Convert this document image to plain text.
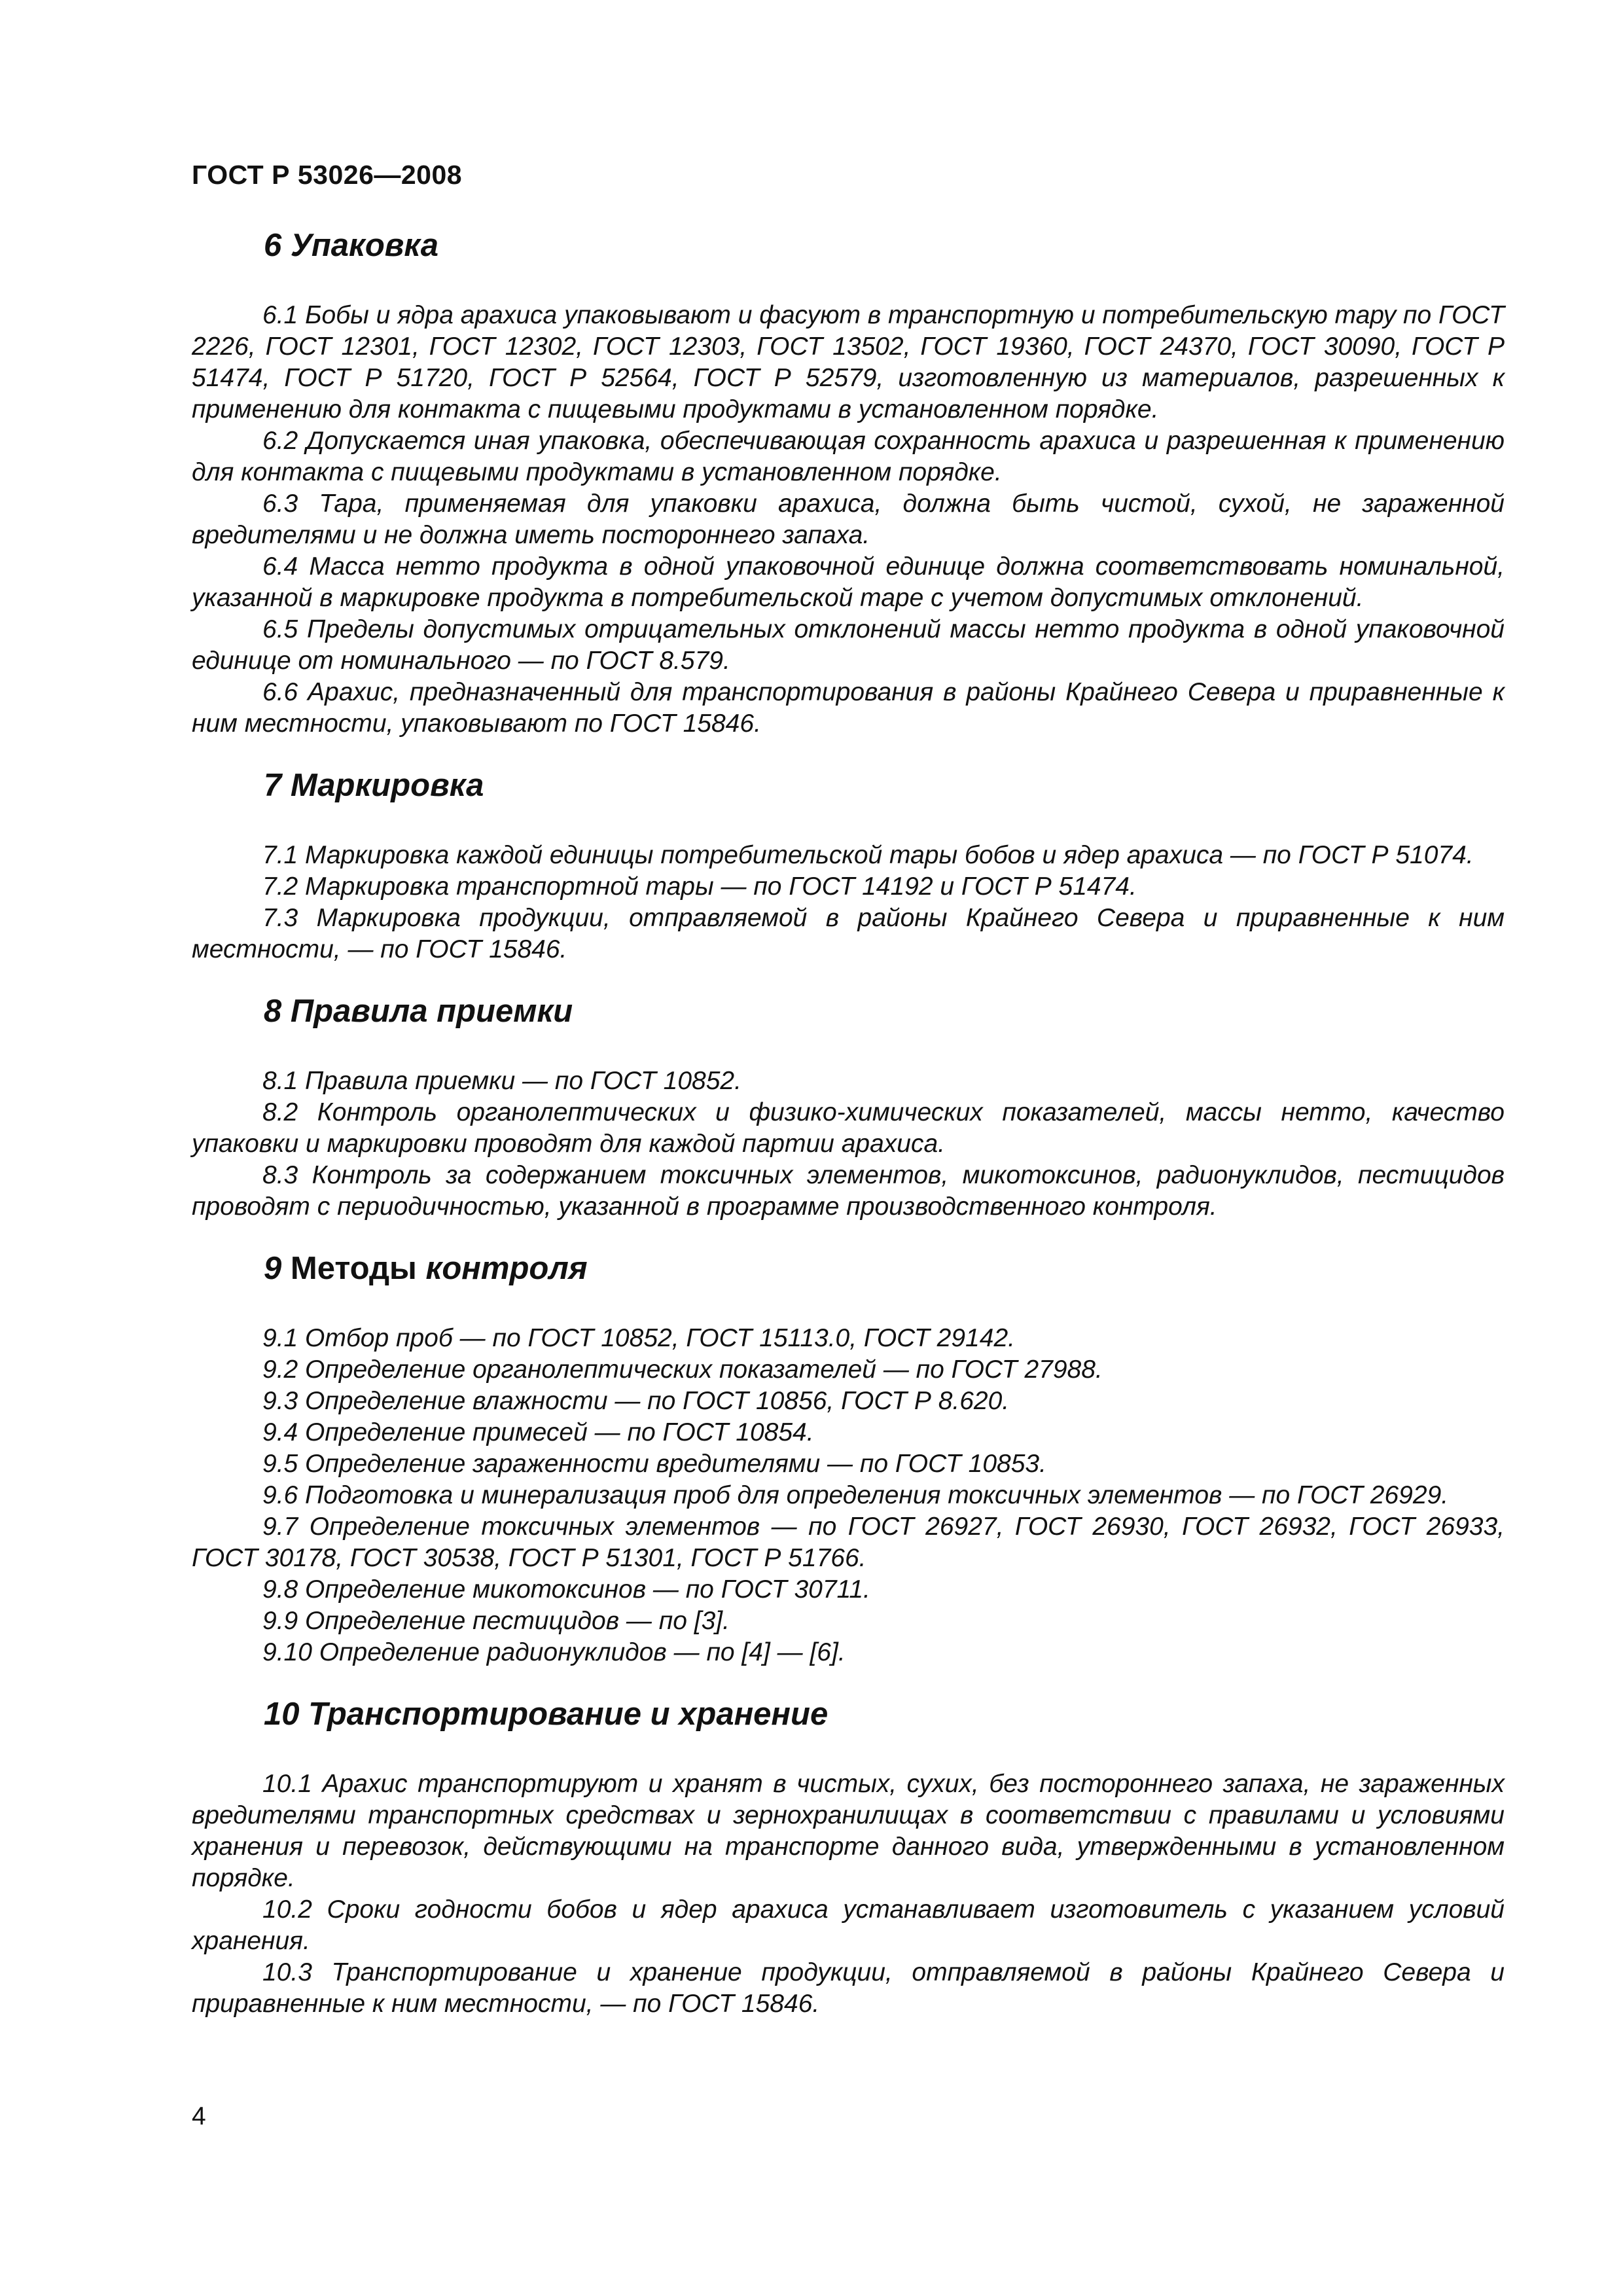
ГОСТ Р 53026—2008
6 Упаковка

6.1 Бобы и ядра арахиса упаковывают и фасуют в транспортную и потребительскую тару по ГОСТ 2226, ГОСТ 12301, ГОСТ 12302, ГОСТ 12303, ГОСТ 13502, ГОСТ 19360, ГОСТ 24370, ГОСТ 30090, ГОСТ Р 51474, ГОСТ Р 51720, ГОСТ Р 52564, ГОСТ Р 52579, изготовленную из материалов, разрешенных к применению для контакта с пищевыми продуктами в установленном порядке.

6.2 Допускается иная упаковка, обеспечивающая сохранность арахиса и разрешенная к применению для контакта с пищевыми продуктами в установленном порядке.

6.3 Тара, применяемая для упаковки арахиса, должна быть чистой, сухой, не зараженной вредителями и не должна иметь постороннего запаха.

6.4 Масса нетто продукта в одной упаковочной единице должна соответствовать номинальной, указанной в маркировке продукта в потребительской таре с учетом допустимых отклонений.

6.5 Пределы допустимых отрицательных отклонений массы нетто продукта в одной упаковочной единице от номинального — по ГОСТ 8.579.

6.6 Арахис, предназначенный для транспортирования в районы Крайнего Севера и приравненные к ним местности, упаковывают по ГОСТ 15846.

7 Маркировка

7.1 Маркировка каждой единицы потребительской тары бобов и ядер арахиса — по ГОСТ Р 51074.

7.2 Маркировка транспортной тары — по ГОСТ 14192 и ГОСТ Р 51474.

7.3 Маркировка продукции, отправляемой в районы Крайнего Севера и приравненные к ним местности, — по ГОСТ 15846.

8 Правила приемки

8.1 Правила приемки — по ГОСТ 10852.

8.2 Контроль органолептических и физико-химических показателей, массы нетто, качество упаковки и маркировки проводят для каждой партии арахиса.

8.3 Контроль за содержанием токсичных элементов, микотоксинов, радионуклидов, пестицидов проводят с периодичностью, указанной в программе производственного контроля.

9 Методы контроля

9.1 Отбор проб — по ГОСТ 10852, ГОСТ 15113.0, ГОСТ 29142.

9.2 Определение органолептических показателей — по ГОСТ 27988.

9.3 Определение влажности — по ГОСТ 10856, ГОСТ Р 8.620.

9.4 Определение примесей — по ГОСТ 10854.

9.5 Определение зараженности вредителями — по ГОСТ 10853.

9.6 Подготовка и минерализация проб для определения токсичных элементов — по ГОСТ 26929.

9.7 Определение токсичных элементов — по ГОСТ 26927, ГОСТ 26930, ГОСТ 26932, ГОСТ 26933, ГОСТ 30178, ГОСТ 30538, ГОСТ Р 51301, ГОСТ Р 51766.

9.8 Определение микотоксинов — по ГОСТ 30711.

9.9 Определение пестицидов — по [3].

9.10 Определение радионуклидов — по [4] — [6].

10 Транспортирование и хранение

10.1 Арахис транспортируют и хранят в чистых, сухих, без постороннего запаха, не зараженных вредителями транспортных средствах и зернохранилищах в соответствии с правилами и условиями хранения и перевозок, действующими на транспорте данного вида, утвержденными в установленном порядке.

10.2 Сроки годности бобов и ядер арахиса устанавливает изготовитель с указанием условий хранения.

10.3 Транспортирование и хранение продукции, отправляемой в районы Крайнего Севера и приравненные к ним местности, — по ГОСТ 15846.

4
